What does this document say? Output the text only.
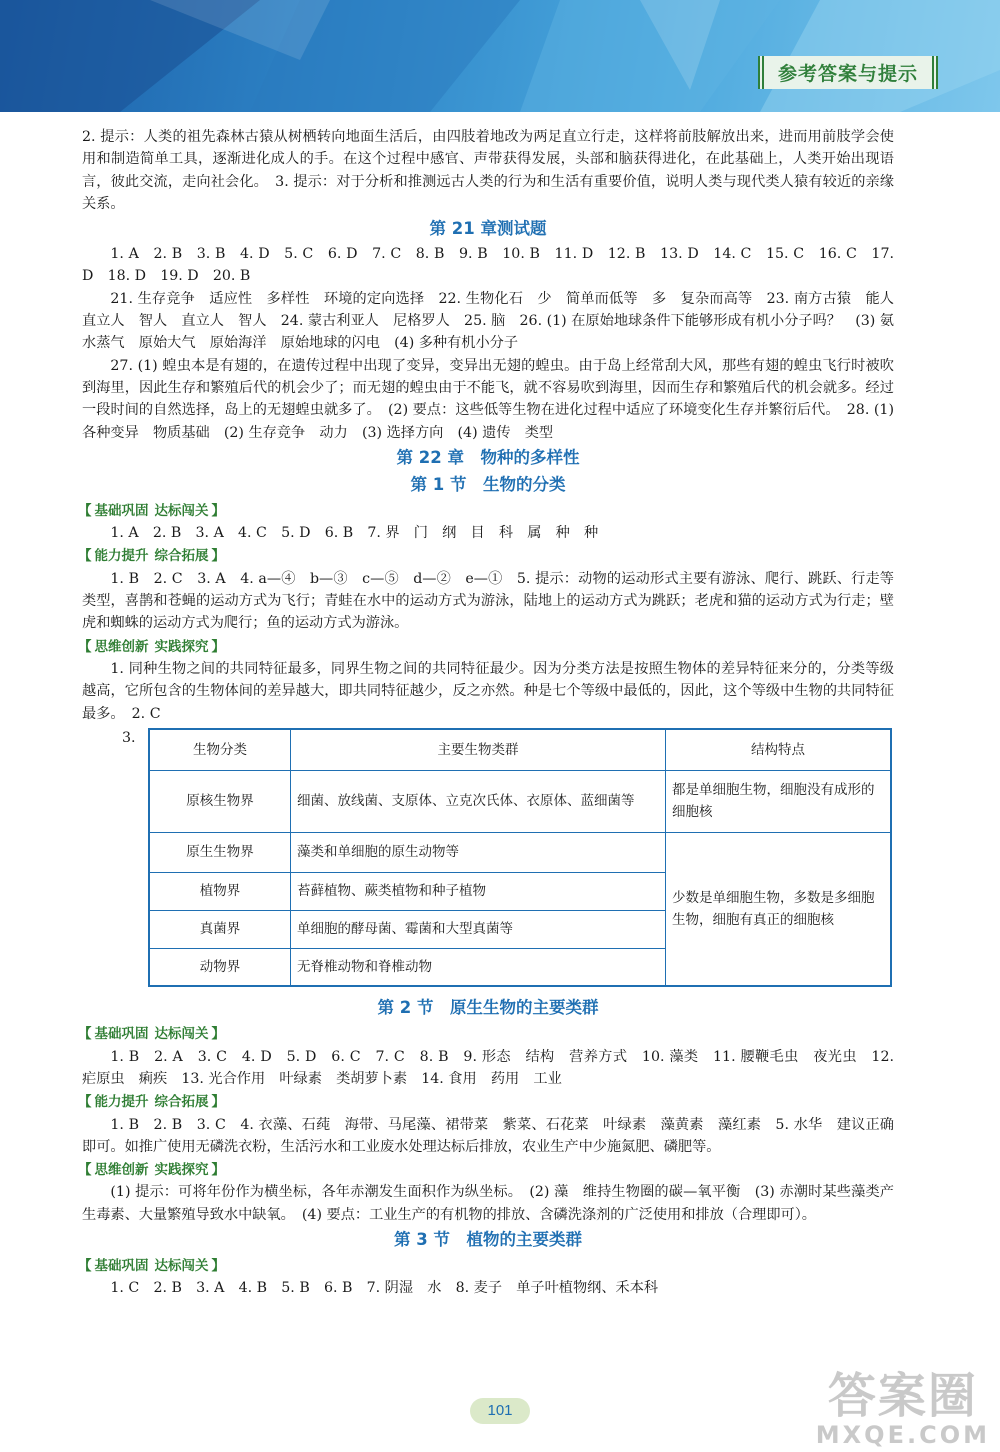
参考答案与提示

2. 提示：人类的祖先森林古猿从树栖转向地面生活后，由四肢着地改为两足直立行走，这样将前肢解放出来，进而用前肢学会使用和制造简单工具，逐渐进化成人的手。在这个过程中感官、声带获得发展，头部和脑获得进化，在此基础上，人类开始出现语言，彼此交流，走向社会化。　3. 提示：对于分析和推测远古人类的行为和生活有重要价值，说明人类与现代类人猿有较近的亲缘关系。

第 21 章测试题

1. A　2. B　3. B　4. D　5. C　6. D　7. C　8. B　9. B　10. B　11. D　12. B　13. D　14. C　15. C　16. C　17. D　18. D　19. D　20. B

21. 生存竞争　适应性　多样性　环境的定向选择　22. 生物化石　少　简单而低等　多　复杂而高等　23. 南方古猿　能人　直立人　智人　直立人　智人　24. 蒙古利亚人　尼格罗人　25. 脑　26. (1) 在原始地球条件下能够形成有机小分子吗？　(3) 氨　水蒸气　原始大气　原始海洋　原始地球的闪电　(4) 多种有机小分子

27. (1) 蝗虫本是有翅的，在遗传过程中出现了变异，变异出无翅的蝗虫。由于岛上经常刮大风，那些有翅的蝗虫飞行时被吹到海里，因此生存和繁殖后代的机会少了；而无翅的蝗虫由于不能飞，就不容易吹到海里，因而生存和繁殖后代的机会就多。经过一段时间的自然选择，岛上的无翅蝗虫就多了。　(2) 要点：这些低等生物在进化过程中适应了环境变化生存并繁衍后代。　28. (1) 各种变异　物质基础　(2) 生存竞争　动力　(3) 选择方向　(4) 遗传　类型

第 22 章　物种的多样性
第 1 节　生物的分类
【 基础巩固 达标闯关 】

1. A　2. B　3. A　4. C　5. D　6. B　7. 界　门　纲　目　科　属　种　种

【 能力提升 综合拓展 】

1. B　2. C　3. A　4. a—④　b—③　c—⑤　d—②　e—①　5. 提示：动物的运动形式主要有游泳、爬行、跳跃、行走等类型，喜鹊和苍蝇的运动方式为飞行；青蛙在水中的运动方式为游泳，陆地上的运动方式为跳跃；老虎和猫的运动方式为行走；壁虎和蜘蛛的运动方式为爬行；鱼的运动方式为游泳。

【 思维创新 实践探究 】

1. 同种生物之间的共同特征最多，同界生物之间的共同特征最少。因为分类方法是按照生物体的差异特征来分的，分类等级越高，它所包含的生物体间的差异越大，即共同特征越少，反之亦然。种是七个等级中最低的，因此，这个等级中生物的共同特征最多。　2. C

3.
生物分类	主要生物类群	结构特点
原核生物界	细菌、放线菌、支原体、立克次氏体、衣原体、蓝细菌等	都是单细胞生物，细胞没有成形的细胞核
原生生物界	藻类和单细胞的原生动物等	少数是单细胞生物，多数是多细胞生物，细胞有真正的细胞核
植物界	苔藓植物、蕨类植物和种子植物	
真菌界	单细胞的酵母菌、霉菌和大型真菌等	
动物界	无脊椎动物和脊椎动物	
第 2 节　原生生物的主要类群
【 基础巩固 达标闯关 】

1. B　2. A　3. C　4. D　5. D　6. C　7. C　8. B　9. 形态　结构　营养方式　10. 藻类　11. 腰鞭毛虫　夜光虫　12. 疟原虫　痢疾　13. 光合作用　叶绿素　类胡萝卜素　14. 食用　药用　工业

【 能力提升 综合拓展 】

1. B　2. B　3. C　4. 衣藻、石莼　海带、马尾藻、裙带菜　紫菜、石花菜　叶绿素　藻黄素　藻红素　5. 水华　建议正确即可。如推广使用无磷洗衣粉，生活污水和工业废水处理达标后排放，农业生产中少施氮肥、磷肥等。

【 思维创新 实践探究 】

(1) 提示：可将年份作为横坐标，各年赤潮发生面积作为纵坐标。　(2) 藻　维持生物圈的碳—氧平衡　(3) 赤潮时某些藻类产生毒素、大量繁殖导致水中缺氧。　(4) 要点：工业生产的有机物的排放、含磷洗涤剂的广泛使用和排放（合理即可）。

第 3 节　植物的主要类群
【 基础巩固 达标闯关 】

1. C　2. B　3. A　4. B　5. B　6. B　7. 阴湿　水　8. 麦子　单子叶植物纲、禾本科

101	答案圈
MXQE.COM
